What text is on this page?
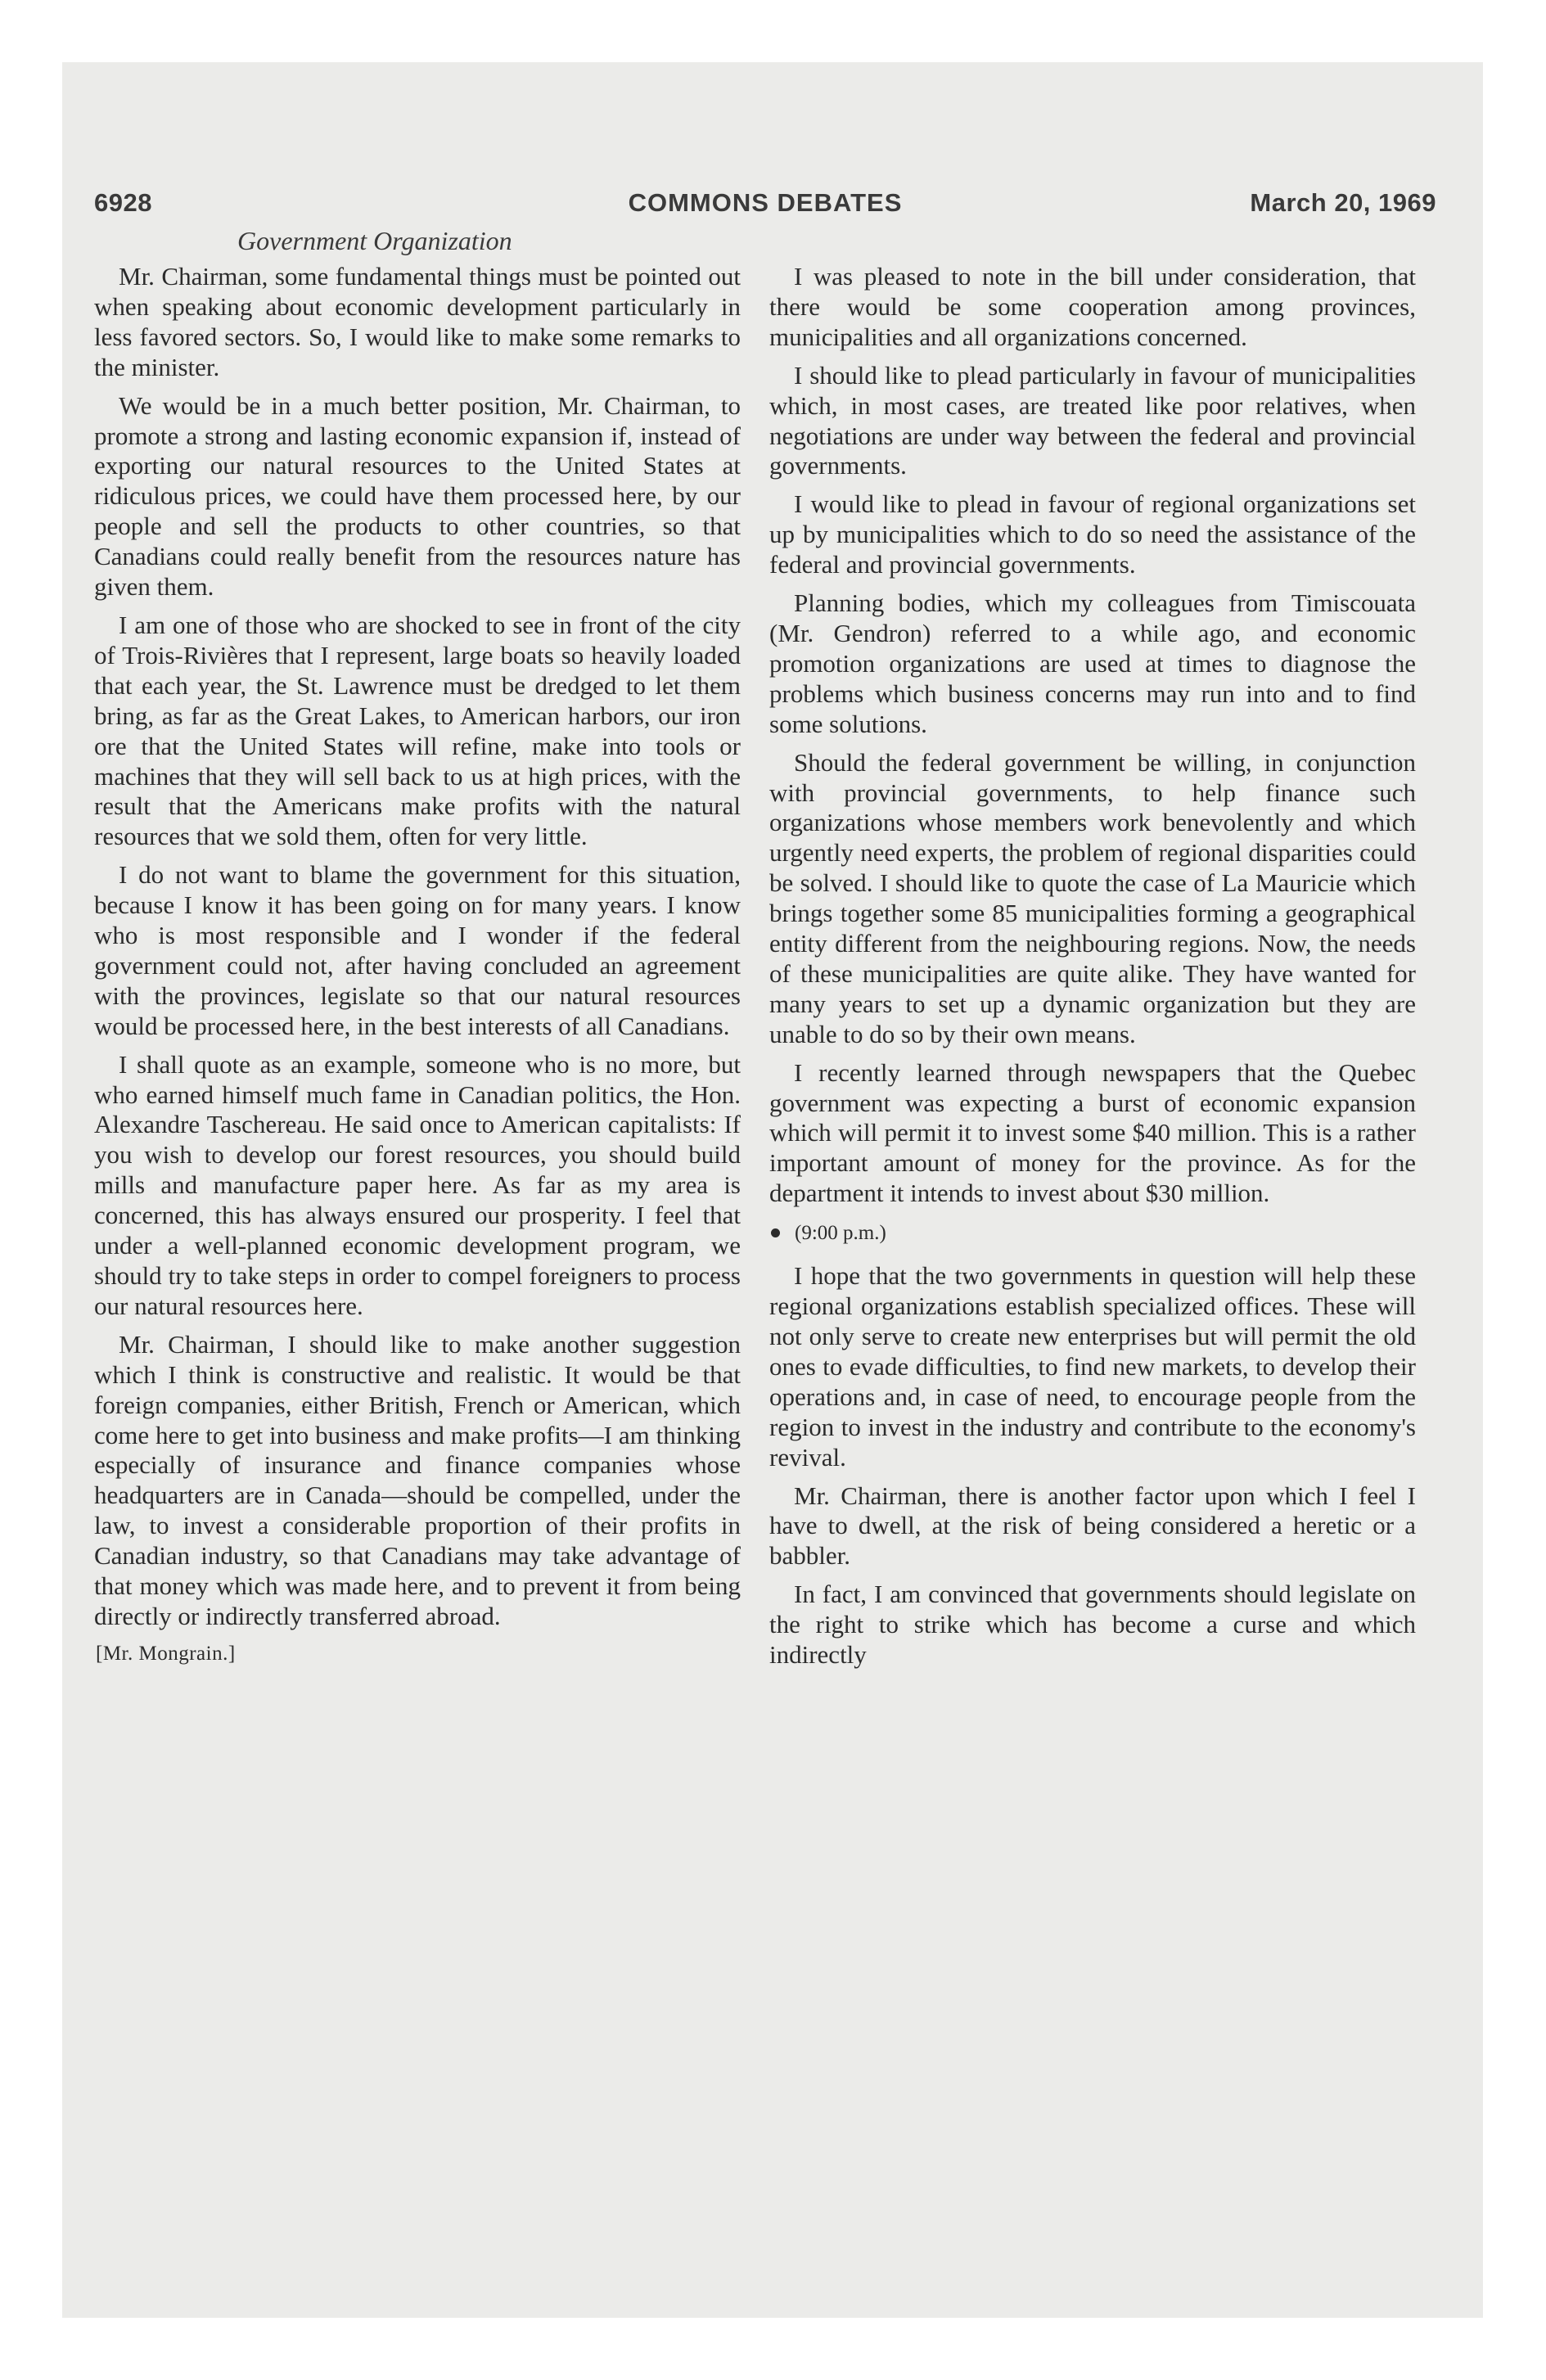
6928	COMMONS DEBATES	March 20, 1969
Government Organization

Mr. Chairman, some fundamental things must be pointed out when speaking about economic development particularly in less favored sectors. So, I would like to make some remarks to the minister.

We would be in a much better position, Mr. Chairman, to promote a strong and lasting economic expansion if, instead of exporting our natural resources to the United States at ridiculous prices, we could have them processed here, by our people and sell the products to other countries, so that Canadians could really benefit from the resources nature has given them.

I am one of those who are shocked to see in front of the city of Trois-Rivières that I represent, large boats so heavily loaded that each year, the St. Lawrence must be dredged to let them bring, as far as the Great Lakes, to American harbors, our iron ore that the United States will refine, make into tools or machines that they will sell back to us at high prices, with the result that the Americans make profits with the natural resources that we sold them, often for very little.

I do not want to blame the government for this situation, because I know it has been going on for many years. I know who is most responsible and I wonder if the federal government could not, after having concluded an agreement with the provinces, legislate so that our natural resources would be processed here, in the best interests of all Canadians.

I shall quote as an example, someone who is no more, but who earned himself much fame in Canadian politics, the Hon. Alexandre Taschereau. He said once to American capitalists: If you wish to develop our forest resources, you should build mills and manufacture paper here. As far as my area is concerned, this has always ensured our prosperity. I feel that under a well-planned economic development program, we should try to take steps in order to compel foreigners to process our natural resources here.

Mr. Chairman, I should like to make another suggestion which I think is constructive and realistic. It would be that foreign companies, either British, French or American, which come here to get into business and make profits—I am thinking especially of insurance and finance companies whose headquarters are in Canada—should be compelled, under the law, to invest a considerable proportion of their profits in Canadian industry, so that Canadians may take advantage of that money which was made here, and to prevent it from being directly or indirectly transferred abroad.

[Mr. Mongrain.]

I was pleased to note in the bill under consideration, that there would be some cooperation among provinces, municipalities and all organizations concerned.

I should like to plead particularly in favour of municipalities which, in most cases, are treated like poor relatives, when negotiations are under way between the federal and provincial governments.

I would like to plead in favour of regional organizations set up by municipalities which to do so need the assistance of the federal and provincial governments.

Planning bodies, which my colleagues from Timiscouata (Mr. Gendron) referred to a while ago, and economic promotion organizations are used at times to diagnose the problems which business concerns may run into and to find some solutions.

Should the federal government be willing, in conjunction with provincial governments, to help finance such organizations whose members work benevolently and which urgently need experts, the problem of regional disparities could be solved. I should like to quote the case of La Mauricie which brings together some 85 municipalities forming a geographical entity different from the neighbouring regions. Now, the needs of these municipalities are quite alike. They have wanted for many years to set up a dynamic organization but they are unable to do so by their own means.

I recently learned through newspapers that the Quebec government was expecting a burst of economic expansion which will permit it to invest some $40 million. This is a rather important amount of money for the province. As for the department it intends to invest about $30 million.

(9:00 p.m.)

I hope that the two governments in question will help these regional organizations establish specialized offices. These will not only serve to create new enterprises but will permit the old ones to evade difficulties, to find new markets, to develop their operations and, in case of need, to encourage people from the region to invest in the industry and contribute to the economy's revival.

Mr. Chairman, there is another factor upon which I feel I have to dwell, at the risk of being considered a heretic or a babbler.

In fact, I am convinced that governments should legislate on the right to strike which has become a curse and which indirectly
